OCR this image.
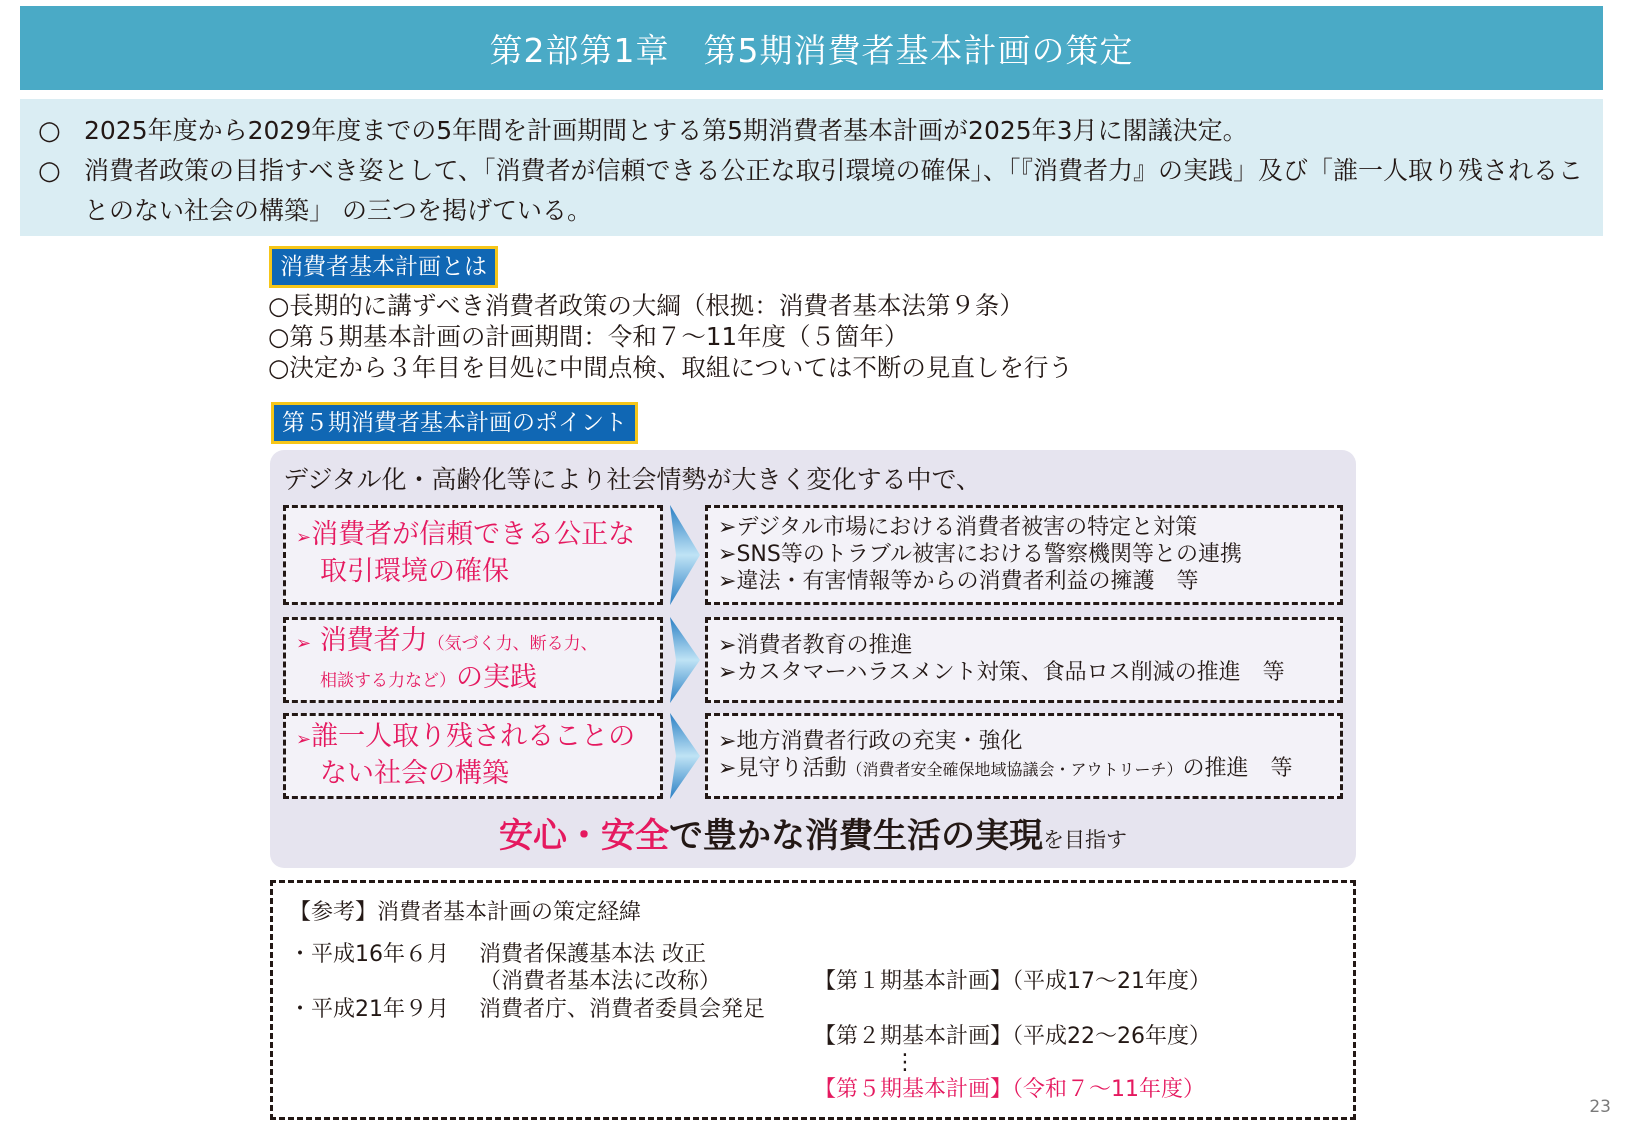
第2部第1章　第5期消費者基本計画の策定
○ 2025年度から2029年度までの5年間を計画期間とする第5期消費者基本計画が2025年3月に閣議決定。
○ 消費者政策の目指すべき姿として、「消費者が信頼できる公正な取引環境の確保」、「『消費者力』の実践」及び「誰一人取り残されることのない社会の構築」 の三つを掲げている。
消費者基本計画とは
○長期的に講ずべき消費者政策の大綱（根拠：消費者基本法第９条）
○第５期基本計画の計画期間：令和７～11年度（５箇年）
○決定から３年目を目処に中間点検、取組については不断の見直しを行う
第５期消費者基本計画のポイント
デジタル化・高齢化等により社会情勢が大きく変化する中で、
➢消費者が信頼できる公正な
取引環境の確保
➢デジタル市場における消費者被害の特定と対策
➢SNS等のトラブル被害における警察機関等との連携
➢違法・有害情報等からの消費者利益の擁護　等
➢ 消費者力（気づく力、断る力、
相談する力など）の実践
➢消費者教育の推進
➢カスタマーハラスメント対策、食品ロス削減の推進　等
➢誰一人取り残されることの
ない社会の構築
➢地方消費者行政の充実・強化
➢見守り活動（消費者安全確保地域協議会・アウトリーチ）の推進　等
安心・安全で豊かな消費生活の実現を目指す
【参考】消費者基本計画の策定経緯
・平成16年６月 消費者保護基本法 改正
（消費者基本法に改称）
・平成21年９月 消費者庁、消費者委員会発足
【第１期基本計画】（平成17～21年度）
【第２期基本計画】（平成22～26年度）
⋮
【第５期基本計画】（令和７～11年度）
23
